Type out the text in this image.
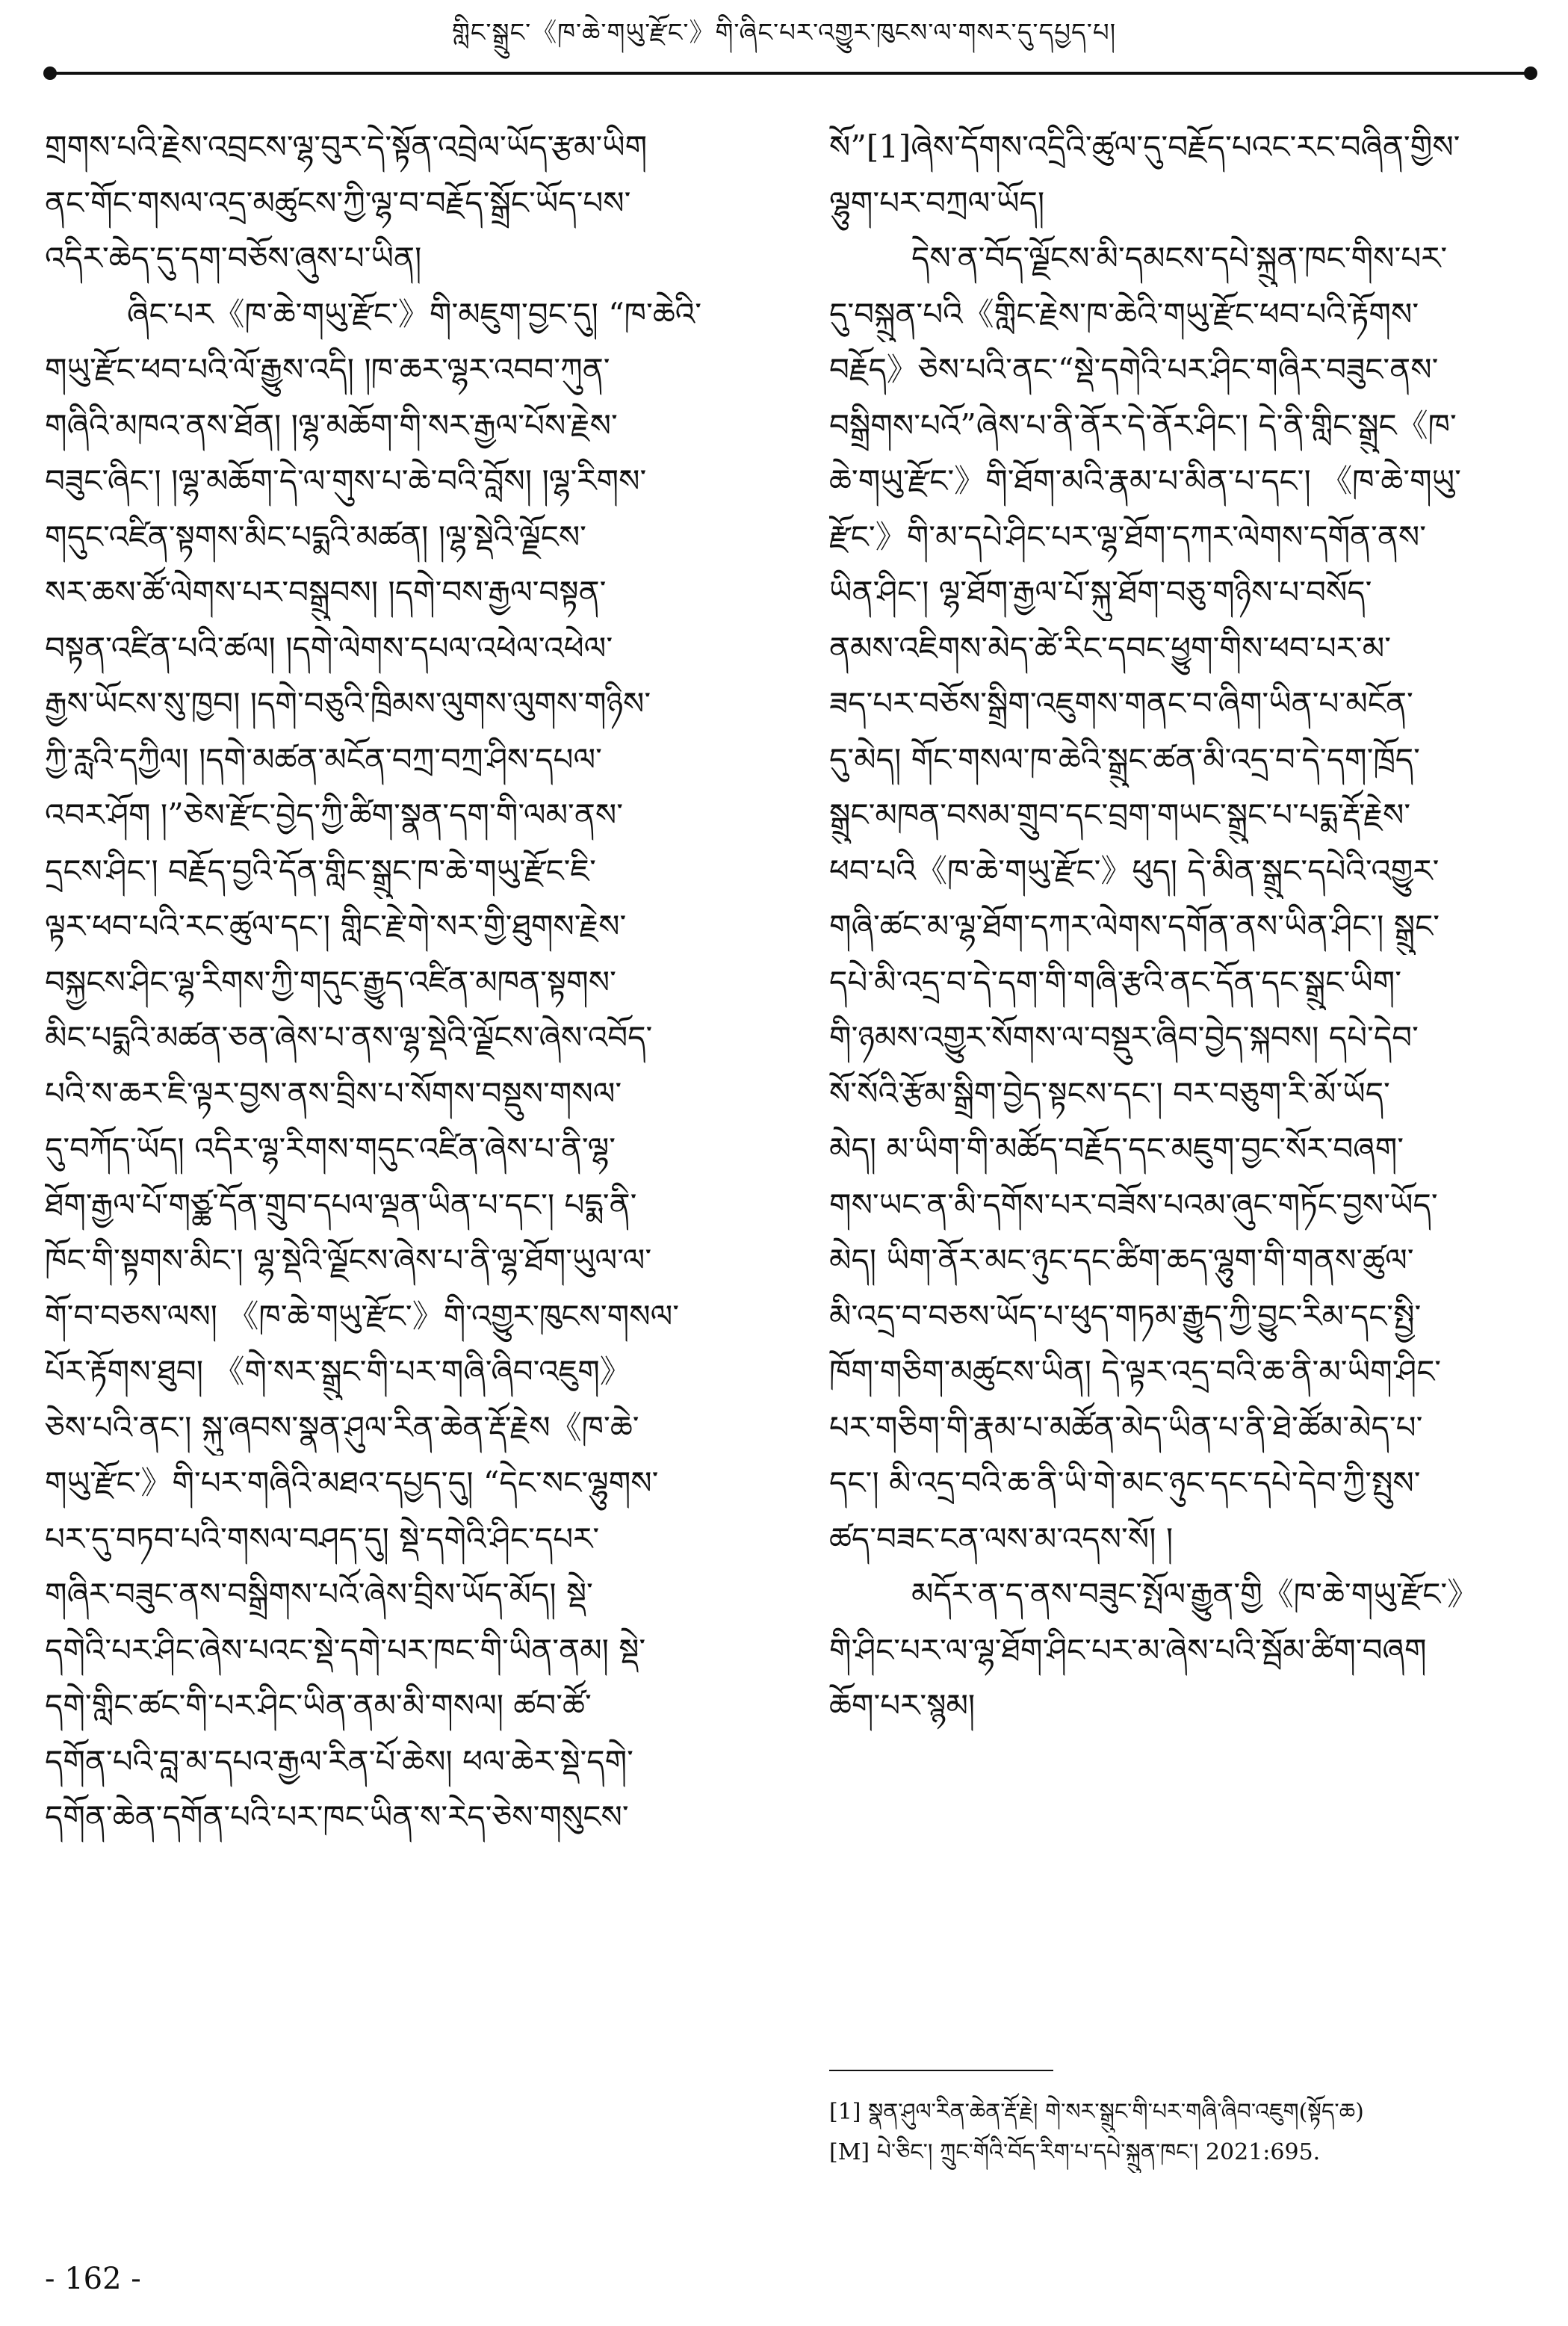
གླིང་སྒྲུང་《ཁ་ཆེ་གཡུ་རྫོང་》གི་ཞིང་པར་འགྱུར་ཁུངས་ལ་གསར་དུ་དཔྱད་པ།
གྲགས་པའི་རྗེས་འབྲངས་ལྷ་བུར་དེ་སྟོན་འབྲེལ་ཡོད་རྩམ་ཡིག
ནང་གོང་གསལ་འདྲ་མཚུངས་ཀྱི་ལྷ་བ་བརྗོད་སྒྲོང་ཡོད་པས་
འདིར་ཆེད་དུ་དག་བཅོས་ཞུས་པ་ཡིན།
ཞིང་པར《ཁ་ཆེ་གཡུ་རྫོང་》གི་མཇུག་བྱང་དུ། “ཁ་ཆེའི་
གཡུ་རྫོང་ཕབ་པའི་ལོ་རྒྱུས་འདི། །ཁ་ཆར་ལྷར་འབབ་ཀུན་
གཞིའི་མཁའ་ནས་ཐོན། །ལྷ་མཆོག་གི་སར་རྒྱལ་པོས་རྗེས་
བཟུང་ཞིང་། །ལྷ་མཆོག་དེ་ལ་གུས་པ་ཆེ་བའི་བློས། །ལྷ་རིགས་
གདུང་འཛིན་སྟགས་མིང་པདྨའི་མཚན། །ལྷ་སྡེའི་ལྗོངས་
སར་ཆས་ཚོ་ལེགས་པར་བསྒྲུབས། །དགེ་བས་རྒྱལ་བསྟན་
བསྟན་འཛིན་པའི་ཚལ། །དགེ་ལེགས་དཔལ་འཕེལ་འཕེལ་
རྒྱས་ཡོངས་སུ་ཁྱབ། །དགེ་བཅུའི་ཁྲིམས་ལུགས་ལུགས་གཉིས་
ཀྱི་རླའི་དཀྱིལ། །དགེ་མཚན་མངོན་བཀྲ་བཀྲ་ཤིས་དཔལ་
འབར་ཤོག །”ཅེས་རྫོང་བྱེད་ཀྱི་ཚིག་སྣན་དག་གི་ལམ་ནས་
དྲངས་ཤིང་། བརྗོད་བྱའི་དོན་གླིང་སྒྲུང་ཁ་ཆེ་གཡུ་རྫོང་ཇི་
ལྟར་ཕབ་པའི་རང་ཚུལ་དང་། གླིང་རྗེ་གེ་སར་གྱི་ཐུགས་རྗེས་
བསྐྱངས་ཤིང་ལྷ་རིགས་ཀྱི་གདུང་རྒྱུད་འཛིན་མཁན་སྟགས་
མིང་པདྨའི་མཚན་ཅན་ཞེས་པ་ནས་ལྷ་སྡེའི་ལྗོངས་ཞེས་འབོད་
པའི་ས་ཆར་ཇི་ལྟར་བྱས་ནས་བྲིས་པ་སོགས་བསྡུས་གསལ་
དུ་བཀོད་ཡོད། འདིར་ལྷ་རིགས་གདུང་འཛིན་ཞེས་པ་ནི་ལྷ་
ཐོག་རྒྱལ་པོ་གཙྪ་དོན་གྲུབ་དཔལ་ལྡན་ཡིན་པ་དང་། པདྨ་ནི་
ཁོང་གི་སྟགས་མིང་། ལྷ་སྡེའི་ལྗོངས་ཞེས་པ་ནི་ལྷ་ཐོག་ཡུལ་ལ་
གོ་བ་བཅས་ལས། 《ཁ་ཆེ་གཡུ་རྫོང་》གི་འགྱུར་ཁུངས་གསལ་
པོར་རྟོགས་ཐུབ། 《གེ་སར་སྒྲུང་གི་པར་གཞི་ཞིབ་འཇུག》
ཅེས་པའི་ནང་། སྐུ་ཞབས་སྣན་ཤུལ་རིན་ཆེན་རྡོ་རྗེས《ཁ་ཆེ་
གཡུ་རྫོང་》གི་པར་གཞིའི་མཐའ་དཔྱད་དུ། “དེང་སང་ལྷུགས་
པར་དུ་བཏབ་པའི་གསལ་བཤད་དུ། སྡེ་དགེའི་ཤིང་དཔར་
གཞིར་བཟུང་ནས་བསྒྲིགས་པའོ་ཞེས་བྲིས་ཡོད་མོད། སྡེ་
དགེའི་པར་ཤིང་ཞེས་པའང་སྡེ་དགེ་པར་ཁང་གི་ཡིན་ནམ། སྡེ་
དགེ་གླིང་ཚང་གི་པར་ཤིང་ཡིན་ནམ་མི་གསལ། ཚབ་ཚོ་
དགོན་པའི་བླ་མ་དཔའ་རྒྱལ་རིན་པོ་ཆེས། ཕལ་ཆེར་སྡེ་དགེ་
དགོན་ཆེན་དགོན་པའི་པར་ཁང་ཡིན་ས་རེད་ཅེས་གསུངས་
སོ”[1]ཞེས་དོགས་འདྲིའི་ཚུལ་དུ་བརྗོད་པའང་རང་བཞིན་གྱིས་
ལྷུག་པར་བཀྲལ་ཡོད།
དེས་ན་བོད་ལྗོངས་མི་དམངས་དཔེ་སྐྲུན་ཁང་གིས་པར་
དུ་བསྐྲུན་པའི《གླིང་རྗེས་ཁ་ཆེའི་གཡུ་རྫོང་ཕབ་པའི་རྟོགས་
བརྗོད》ཅེས་པའི་ནང་“སྡེ་དགེའི་པར་ཤིང་གཞིར་བཟུང་ནས་
བསྒྲིགས་པའོ”ཞེས་པ་ནི་ནོར་དེ་ནོར་ཤིང་། དེ་ནི་གླིང་སྒྲུང《ཁ་
ཆེ་གཡུ་རྫོང་》གི་ཐོག་མའི་རྣམ་པ་མིན་པ་དང་། 《ཁ་ཆེ་གཡུ་
རྫོང་》གི་མ་དཔེ་ཤིང་པར་ལྷ་ཐོག་དཀར་ལེགས་དགོན་ནས་
ཡིན་ཤིང་། ལྷ་ཐོག་རྒྱལ་པོ་སྐུ་ཐོག་བཅུ་གཉིས་པ་བསོད་
ནམས་འཇིགས་མེད་ཚེ་རིང་དབང་ཕྱུག་གིས་ཕབ་པར་མ་
ཟད་པར་བཅོས་སྒྲིག་འཇུགས་གནང་བ་ཞིག་ཡིན་པ་མངོན་
དུ་མེད། གོང་གསལ་ཁ་ཆེའི་སྒྲུང་ཚན་མི་འདྲ་བ་དེ་དག་ཁྲོད་
སྒྲུང་མཁན་བསམ་གྲུབ་དང་བྲག་གཡང་སྒྲུང་པ་པདྨ་རྡོ་རྗེས་
ཕབ་པའི《ཁ་ཆེ་གཡུ་རྫོང་》ཕུད། དེ་མིན་སྒྲུང་དཔེའི་འགྱུར་
གཞི་ཚང་མ་ལྷ་ཐོག་དཀར་ལེགས་དགོན་ནས་ཡིན་ཤིང་། སྒྲུང་
དཔེ་མི་འདྲ་བ་དེ་དག་གི་གཞི་རྩའི་ནང་དོན་དང་སྒྲུང་ཡིག་
གི་ཉམས་འགྱུར་སོགས་ལ་བསྡུར་ཞིབ་བྱེད་སྐབས། དཔེ་དེབ་
སོ་སོའི་རྩོམ་སྒྲིག་བྱེད་སྟངས་དང་། བར་བཅུག་རི་མོ་ཡོད་
མེད། མ་ཡིག་གི་མཚོད་བརྗོད་དང་མཇུག་བྱང་སོར་བཞག་
གས་ཡང་ན་མི་དགོས་པར་བཟོས་པའམ་ཞུང་གཏོང་བྱས་ཡོད་
མེད། ཡིག་ནོར་མང་ཉུང་དང་ཚིག་ཆད་ལྷུག་གི་གནས་ཚུལ་
མི་འདྲ་བ་བཅས་ཡོད་པ་ཕུད་གཏམ་རྒྱུད་ཀྱི་བྱུང་རིམ་དང་སྤྱི་
ཁོག་གཅིག་མཚུངས་ཡིན། དེ་ལྟར་འདྲ་བའི་ཆ་ནི་མ་ཡིག་ཤིང་
པར་གཅིག་གི་རྣམ་པ་མཚོན་མེད་ཡིན་པ་ནི་ཐེ་ཚོམ་མེད་པ་
དང་། མི་འདྲ་བའི་ཆ་ནི་ཡི་གེ་མང་ཉུང་དང་དཔེ་དེབ་ཀྱི་སྤུས་
ཚད་བཟང་ངན་ལས་མ་འདས་སོ། །
མདོར་ན་ད་ནས་བཟུང་སྤོལ་རྒྱུན་གྱི《ཁ་ཆེ་གཡུ་རྫོང་》
གི་ཤིང་པར་ལ་ལྷ་ཐོག་ཤིང་པར་མ་ཞེས་པའི་སྦོམ་ཚིག་བཞག
ཆོག་པར་སྙམ།
[1] སྣན་ཤུལ་རིན་ཆེན་རྡོ་རྗེ། གེ་སར་སྒྲུང་གི་པར་གཞི་ཞིབ་འཇུག(སྟོད་ཆ)
[M] པེ་ཅིང་། ཀྲུང་གོའི་བོད་རིག་པ་དཔེ་སྐྲུན་ཁང་། 2021:695.
- 162 -
